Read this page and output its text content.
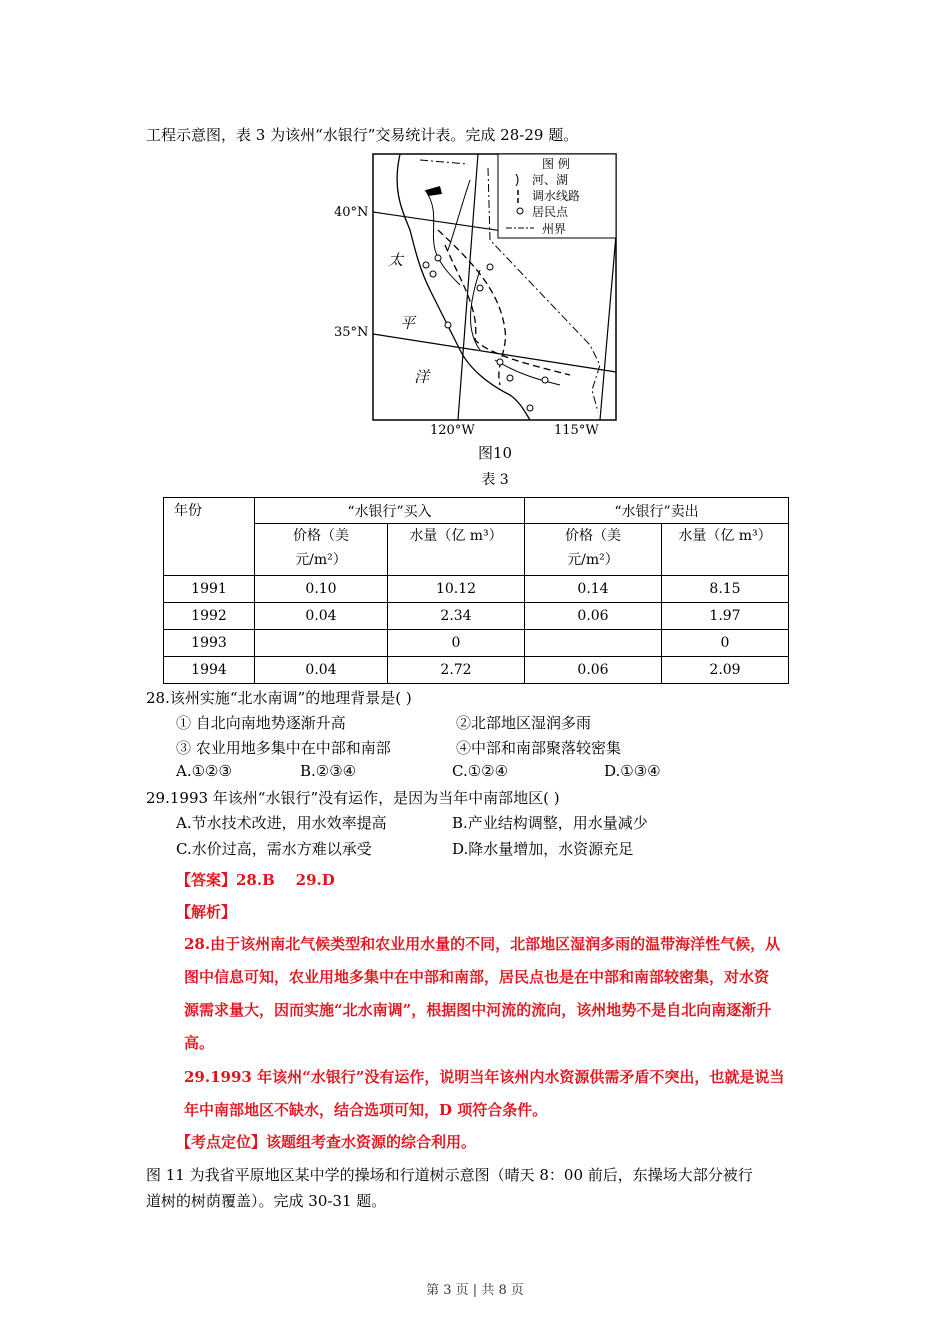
工程示意图，表 3 为该州“水银行”交易统计表。完成 28-29 题。
图 例
河、湖
调水线路
居民点
州界
40°N
35°N
120°W	115°W
太
平
洋
图10
表 3
年份	“水银行”买入		“水银行”卖出	
	价格（美
元/m²）	水量（亿 m³）	价格（美
元/m²）	水量（亿 m³）
1991	0.10	10.12	0.14	8.15
1992	0.04	2.34	0.06	1.97
1993		0		0
1994	0.04	2.72	0.06	2.09
28.该州实施“北水南调”的地理背景是( )
① 自北向南地势逐渐升高	②北部地区湿润多雨
③ 农业用地多集中在中部和南部	④中部和南部聚落较密集
A.①②③	B.②③④	C.①②④	D.①③④
29.1993 年该州“水银行”没有运作，是因为当年中南部地区( )
A.节水技术改进，用水效率提高	B.产业结构调整，用水量减少
C.水价过高，需水方难以承受	D.降水量增加，水资源充足
【答案】28.B    29.D
【解析】
28.由于该州南北气候类型和农业用水量的不同，北部地区湿润多雨的温带海洋性气候，从
图中信息可知，农业用地多集中在中部和南部，居民点也是在中部和南部较密集，对水资
源需求量大，因而实施“北水南调”，根据图中河流的流向，该州地势不是自北向南逐渐升
高。
29.1993 年该州“水银行”没有运作，说明当年该州内水资源供需矛盾不突出，也就是说当
年中南部地区不缺水，结合选项可知，D 项符合条件。
【考点定位】该题组考查水资源的综合利用。
图 11 为我省平原地区某中学的操场和行道树示意图（晴天 8：00 前后，东操场大部分被行
道树的树荫覆盖）。完成 30-31 题。
第 3 页 | 共 8 页
